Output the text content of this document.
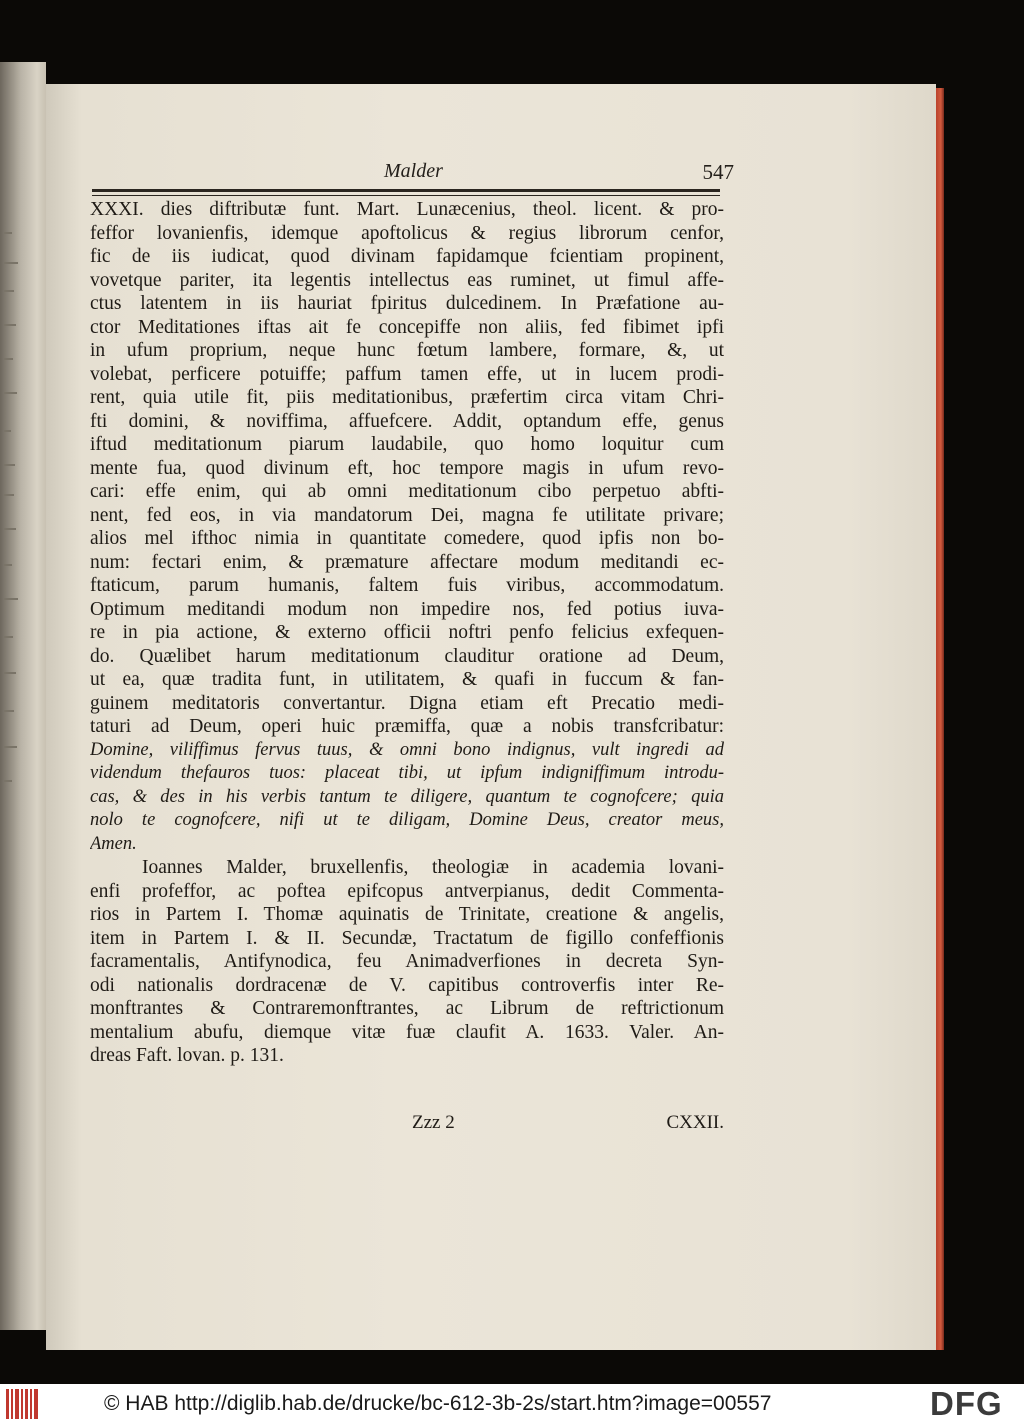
Malder	547
XXXI. dies diftributæ funt. Mart. Lunæcenius, theol. licent. & pro-
feffor lovanienfis, idemque apoftolicus & regius librorum cenfor,
fic de iis iudicat, quod divinam fapidamque fcientiam propinent,
vovetque pariter, ita legentis intellectus eas ruminet, ut fimul affe-
ctus latentem in iis hauriat fpiritus dulcedinem. In Præfatione au-
ctor Meditationes iftas ait fe concepiffe non aliis, fed fibimet ipfi
in ufum proprium, neque hunc fœtum lambere, formare, &, ut
volebat, perficere potuiffe; paffum tamen effe, ut in lucem prodi-
rent, quia utile fit, piis meditationibus, præfertim circa vitam Chri-
fti domini, & noviffima, affuefcere. Addit, optandum effe, genus
iftud meditationum piarum laudabile, quo homo loquitur cum
mente fua, quod divinum eft, hoc tempore magis in ufum revo-
cari: effe enim, qui ab omni meditationum cibo perpetuo abfti-
nent, fed eos, in via mandatorum Dei, magna fe utilitate privare;
alios mel ifthoc nimia in quantitate comedere, quod ipfis non bo-
num: fectari enim, & præmature affectare modum meditandi ec-
ftaticum, parum humanis, faltem fuis viribus, accommodatum.
Optimum meditandi modum non impedire nos, fed potius iuva-
re in pia actione, & externo officii noftri penfo felicius exfequen-
do. Quælibet harum meditationum clauditur oratione ad Deum,
ut ea, quæ tradita funt, in utilitatem, & quafi in fuccum & fan-
guinem meditatoris convertantur. Digna etiam eft Precatio medi-
taturi ad Deum, operi huic præmiffa, quæ a nobis transfcribatur:
Domine, viliffimus fervus tuus, & omni bono indignus, vult ingredi ad
videndum thefauros tuos: placeat tibi, ut ipfum indigniffimum introdu-
cas, & des in his verbis tantum te diligere, quantum te cognofcere; quia
nolo te cognofcere, nifi ut te diligam, Domine Deus, creator meus,
Amen.
Ioannes Malder, bruxellenfis, theologiæ in academia lovani-
enfi profeffor, ac poftea epifcopus antverpianus, dedit Commenta-
rios in Partem I. Thomæ aquinatis de Trinitate, creatione & angelis,
item in Partem I. & II. Secundæ, Tractatum de figillo confeffionis
facramentalis, Antifynodica, feu Animadverfiones in decreta Syn-
odi nationalis dordracenæ de V. capitibus controverfis inter Re-
monftrantes & Contraremonftrantes, ac Librum de reftrictionum
mentalium abufu, diemque vitæ fuæ claufit A. 1633. Valer. An-
dreas Faft. lovan. p. 131.
Zzz 2	CXXII.
© HAB http://diglib.hab.de/drucke/bc-612-3b-2s/start.htm?image=00557	DFG
